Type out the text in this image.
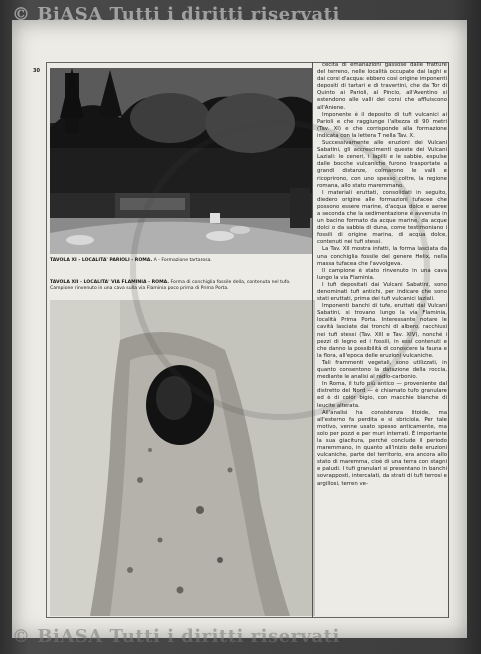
© BiASA Tutti i diritti riservati
30
TAVOLA XI - LOCALITA' PARIOLI - ROMA. A - Formazione tartarosa.
TAVOLA XII - LOCALITA' VIA FLAMINIA - ROMA. Forma di conchiglia fossile della, contenuta nel tufo. Campione rinvenuto in una cava sulla via Flaminia poco prima di Prima Porta.

cecita di emanazioni gassose dalle fratture del terreno, nelle località occupate dai laghi e dai corsi d'acqua: ebbero così origine imponenti depositi di tartari e di travertini, che da Tor di Quinto ai Parioli, al Pincio, all'Aventino si estendono alle valli dei corsi che affluiscono all'Aniene.

Imponente è il deposito di tufi vulcanici ai Parioli e che raggiunge l'altezza di 90 metri (Tav. XI) e che corrisponde alla formazione indicata con la lettera T nella Tav. X.

Successivamente alle eruzioni dei Vulcani Sabatini, gli accrescimenti queste dei Vulcani Laziali: le ceneri, i lapilli e le sabbie, espulse dalle bocche vulcaniche furono trasportate a grandi distanze, colmarono le valli e ricoprirono, con uno spesso coltre, la regione romana, allo stato maremmano.

I materiali eruttati, consolidati in seguito, diedero origine alle formazioni tufacee che possono essere marine, d'acqua dolce e aeree a seconda che la sedimentazione è avvenuta in un bacino formato da acque marine, da acque dolci o da sabbia di duna, come testimoniano i fossili di origine marina, di acqua dolce, contenuti nei tufi stessi.

La Tav. XII mostra infatti, la forma lasciata da una conchiglia fossile del genere Helix, nella massa tufacea che l'avvolgeva.

Il campione è stato rinvenuto in una cava lungo la via Flaminia.

I tufi depositati dai Vulcani Sabatini, sono denominati tufi antichi, per indicare che sono stati eruttati, prima dei tufi vulcanici laziali.

Imponenti banchi di tufe, eruttati dai Vulcani Sabatini, si trovano lungo la via Flaminia, località Prima Porta. Interessante notare le cavità lasciate dai tronchi di albero, racchiusi nei tufi stessi (Tav. XIII e Tav. XIV), nonché i pezzi di legno ed i fossili, in essi contenuti e che danno la possibilità di conoscere la fauna e la flora, all'epoca delle eruzioni vulcaniche.

Tali frammenti vegetali, sono utilizzati, in quanto consentono la datazione della roccia, mediante le analisi al radio-carbonio.

In Roma, il tufo più antico — proveniente dal distretto del Nord — è chiamato tufo granulare ed è di color bigio, con macchie bianche di leucite alterata.

All'analisi ha consistenza litoide, ma all'esterno fa perdita e si sbriciola. Per tale motivo, venne usato spesso anticamente, ma solo per pozzi e per muri interrati. È importante la sua giacitura, perché conclude il periodo maremmano, in quanto all'inizio delle eruzioni vulcaniche, parte del territorio, era ancora allo stato di maremma, cioè di una terra con stagni e paludi. I tufi granulari si presentano in banchi sovrapposti, intercalati, da strati di tufi terrosi e argillosi, terren ve-

© BiASA Tutti i diritti riservati
